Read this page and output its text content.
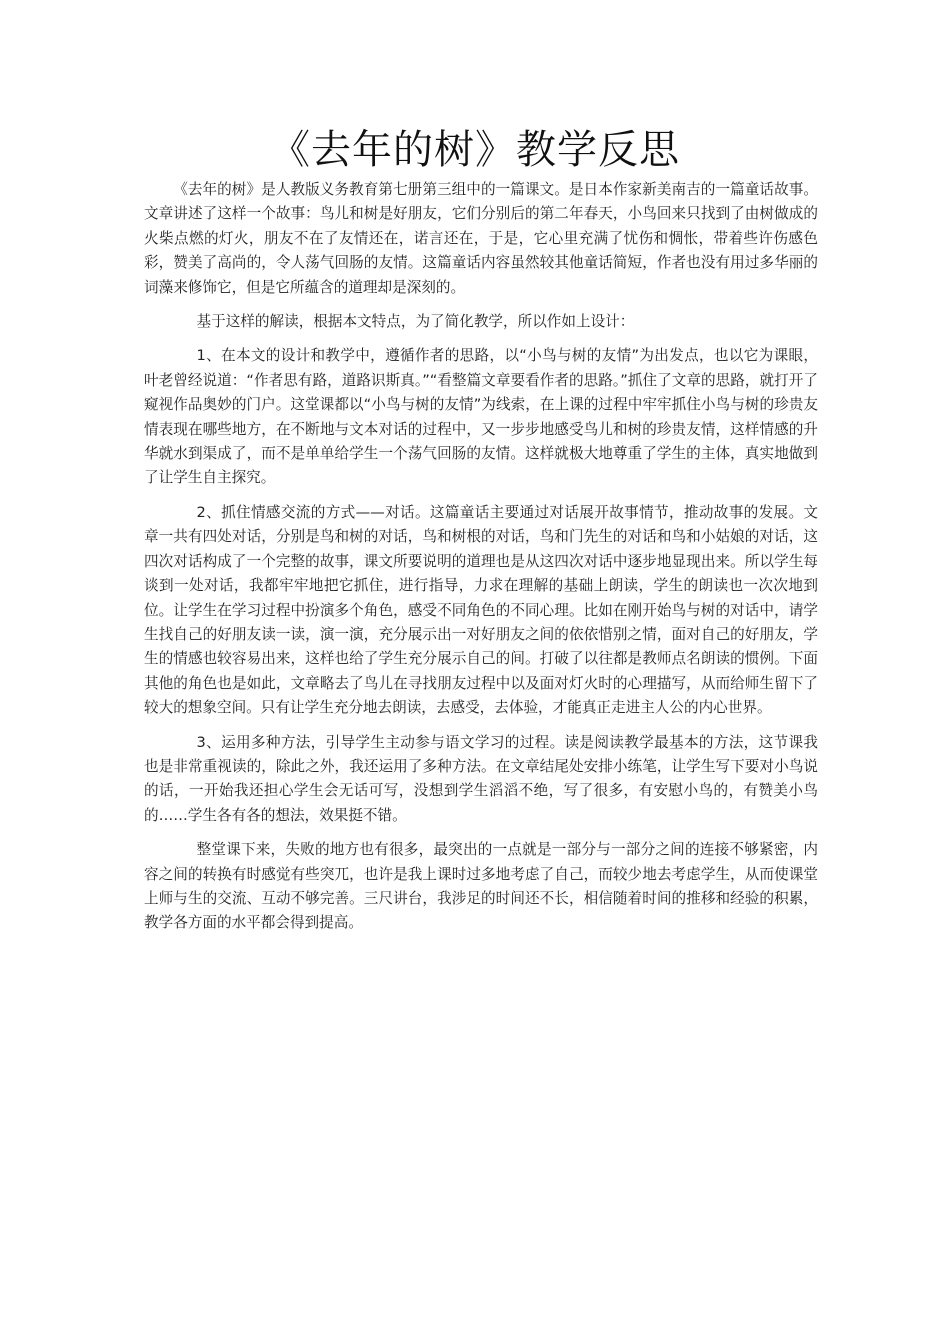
《去年的树》教学反思

《去年的树》是人教版义务教育第七册第三组中的一篇课文。是日本作家新美南吉的一篇童话故事。文章讲述了这样一个故事：鸟儿和树是好朋友，它们分别后的第二年春天，小鸟回来只找到了由树做成的火柴点燃的灯火，朋友不在了友情还在，诺言还在，于是，它心里充满了忧伤和惆怅，带着些许伤感色彩，赞美了高尚的，令人荡气回肠的友情。这篇童话内容虽然较其他童话简短，作者也没有用过多华丽的词藻来修饰它，但是它所蕴含的道理却是深刻的。

基于这样的解读，根据本文特点，为了简化教学，所以作如上设计：

1、在本文的设计和教学中，遵循作者的思路，以“小鸟与树的友情”为出发点，也以它为课眼，叶老曾经说道：“作者思有路，道路识斯真。”“看整篇文章要看作者的思路。”抓住了文章的思路，就打开了窥视作品奥妙的门户。这堂课都以“小鸟与树的友情”为线索，在上课的过程中牢牢抓住小鸟与树的珍贵友情表现在哪些地方，在不断地与文本对话的过程中，又一步步地感受鸟儿和树的珍贵友情，这样情感的升华就水到渠成了，而不是单单给学生一个荡气回肠的友情。这样就极大地尊重了学生的主体，真实地做到了让学生自主探究。

2、抓住情感交流的方式——对话。这篇童话主要通过对话展开故事情节，推动故事的发展。文章一共有四处对话，分别是鸟和树的对话，鸟和树根的对话，鸟和门先生的对话和鸟和小姑娘的对话，这四次对话构成了一个完整的故事，课文所要说明的道理也是从这四次对话中逐步地显现出来。所以学生每谈到一处对话，我都牢牢地把它抓住，进行指导，力求在理解的基础上朗读，学生的朗读也一次次地到位。让学生在学习过程中扮演多个角色，感受不同角色的不同心理。比如在刚开始鸟与树的对话中，请学生找自己的好朋友读一读，演一演，充分展示出一对好朋友之间的依依惜别之情，面对自己的好朋友，学生的情感也较容易出来，这样也给了学生充分展示自己的间。打破了以往都是教师点名朗读的惯例。下面其他的角色也是如此，文章略去了鸟儿在寻找朋友过程中以及面对灯火时的心理描写，从而给师生留下了较大的想象空间。只有让学生充分地去朗读，去感受，去体验，才能真正走进主人公的内心世界。

3、运用多种方法，引导学生主动参与语文学习的过程。读是阅读教学最基本的方法，这节课我也是非常重视读的，除此之外，我还运用了多种方法。在文章结尾处安排小练笔，让学生写下要对小鸟说的话，一开始我还担心学生会无话可写，没想到学生滔滔不绝，写了很多，有安慰小鸟的，有赞美小鸟的……学生各有各的想法，效果挺不错。

整堂课下来，失败的地方也有很多，最突出的一点就是一部分与一部分之间的连接不够紧密，内容之间的转换有时感觉有些突兀，也许是我上课时过多地考虑了自己，而较少地去考虑学生，从而使课堂上师与生的交流、互动不够完善。三尺讲台，我涉足的时间还不长，相信随着时间的推移和经验的积累，教学各方面的水平都会得到提高。
